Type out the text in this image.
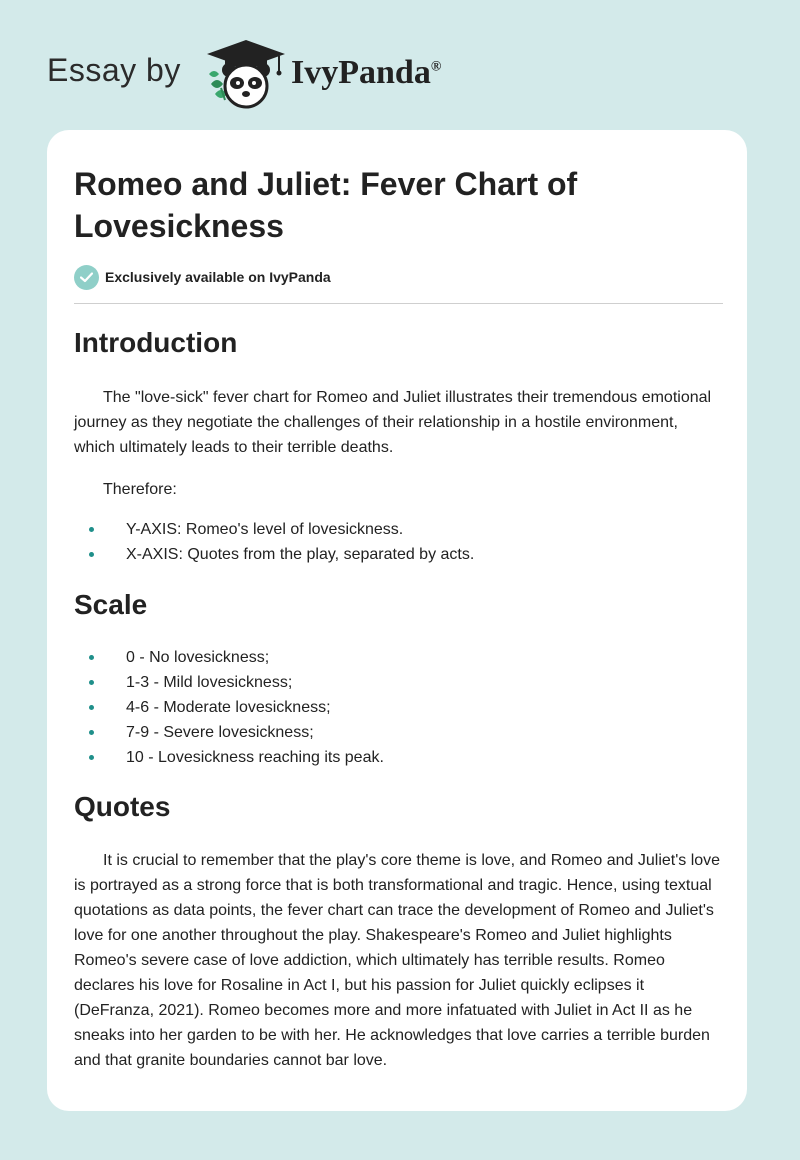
Essay by	IvyPanda®
Romeo and Juliet: Fever Chart of Lovesickness
Exclusively available on IvyPanda
Introduction

The "love-sick" fever chart for Romeo and Juliet illustrates their tremendous emotional journey as they negotiate the challenges of their relationship in a hostile environment, which ultimately leads to their terrible deaths.

Therefore:

Y-AXIS: Romeo's level of lovesickness.
X-AXIS: Quotes from the play, separated by acts.
Scale
0 - No lovesickness;
1-3 - Mild lovesickness;
4-6 - Moderate lovesickness;
7-9 - Severe lovesickness;
10 - Lovesickness reaching its peak.
Quotes

It is crucial to remember that the play's core theme is love, and Romeo and Juliet's love is portrayed as a strong force that is both transformational and tragic. Hence, using textual quotations as data points, the fever chart can trace the development of Romeo and Juliet's love for one another throughout the play. Shakespeare's Romeo and Juliet highlights Romeo's severe case of love addiction, which ultimately has terrible results. Romeo declares his love for Rosaline in Act I, but his passion for Juliet quickly eclipses it (DeFranza, 2021). Romeo becomes more and more infatuated with Juliet in Act II as he sneaks into her garden to be with her. He acknowledges that love carries a terrible burden and that granite boundaries cannot bar love.
